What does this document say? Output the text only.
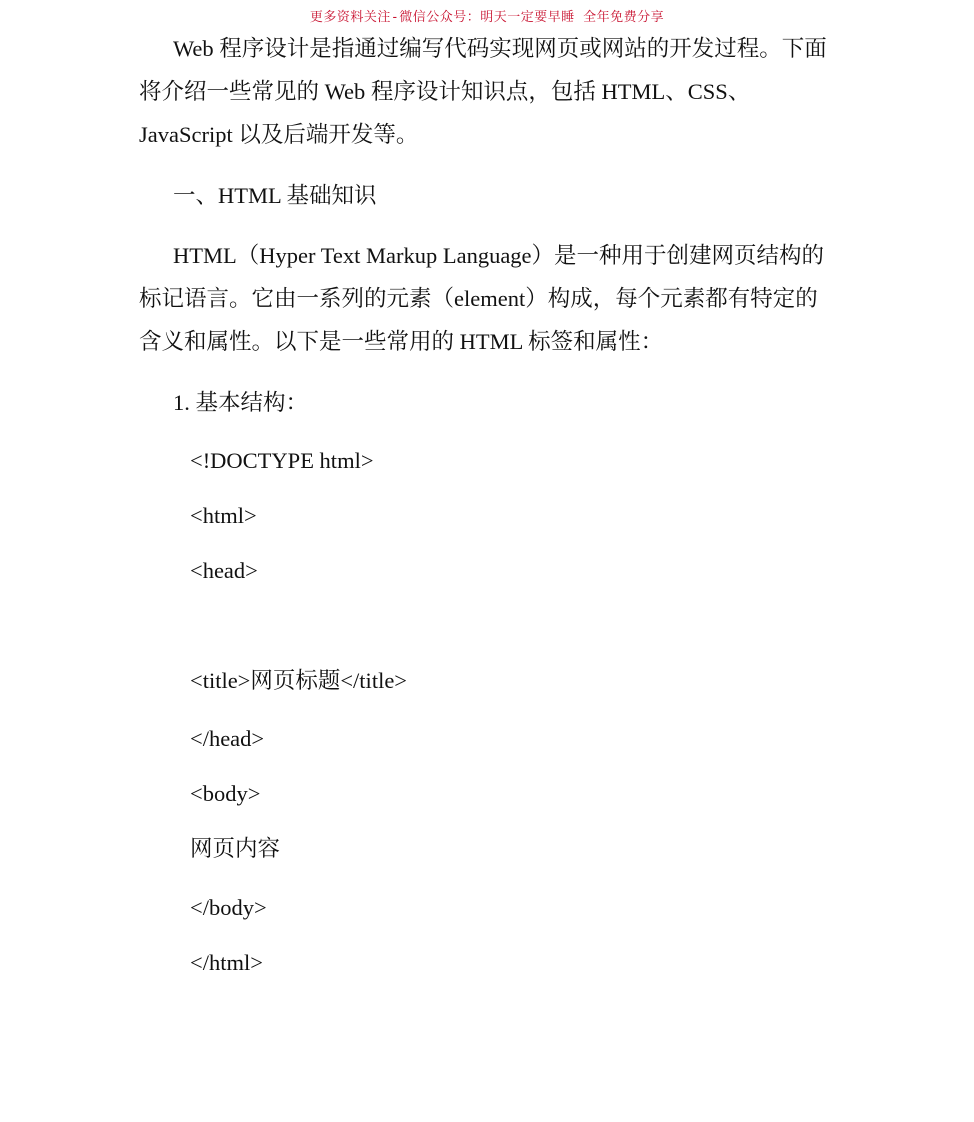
更多资料关注-微信公众号：明天一定要早睡 全年免费分享

Web 程序设计是指通过编写代码实现网页或网站的开发过程。下面将介绍一些常见的 Web 程序设计知识点，包括 HTML、CSS、JavaScript 以及后端开发等。

一、HTML 基础知识

HTML（Hyper Text Markup Language）是一种用于创建网页结构的标记语言。它由一系列的元素（element）构成，每个元素都有特定的含义和属性。以下是一些常用的 HTML 标签和属性：

1. 基本结构：

<!DOCTYPE html>

<html>

<head>

<title>网页标题</title>

</head>

<body>

网页内容

</body>

</html>
